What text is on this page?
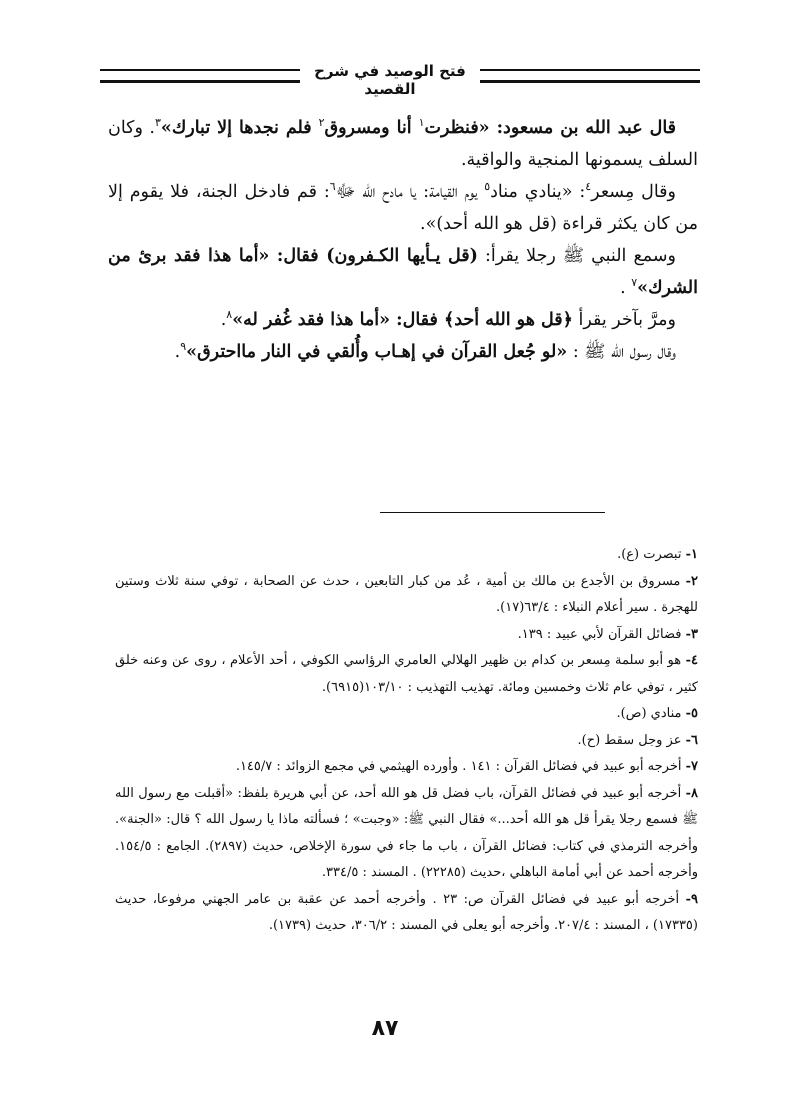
فتح الوصيد في شرح القصيد

قال عبد الله بن مسعود: «فنظرت$^١$ أنا ومسروق$^٢$ فلم نجدها إلا تبارك»$^٣$. وكان السلف يسمونها المنجية والواقية.

وقال مِسعر$^٤$: «ينادي مناد$^٥$ يوم القيامة: يا مادح الله ﷻ$^٦$: قم فادخل الجنة، فلا يقوم إلا من كان يكثر قراءة (قل هو الله أحد)».

وسمع النبي ﷺ رجلا يقرأ: (قل يـأيها الكـفرون) فقال: «أما هذا فقد برئ من الشرك»$^٧$ .

ومرَّ بآخر يقرأ ﴿قل هو الله أحد﴾ فقال: «أما هذا فقد غُفر له»$^٨$.

وقال رسول الله ﷺ : «لو جُعل القرآن في إهـاب وأُلقي في النار مااحترق»$^٩$.

١- تبصرت (ع).
٢- مسروق بن الأجدع بن مالك بن أمية ، عُد من كبار التابعين ، حدث عن الصحابة ، توفي سنة ثلاث وستين للهجرة . سير أعلام النبلاء : ٦٣/٤(١٧).
٣- فضائل القرآن لأبي عبيد : ١٣٩.
٤- هو أبو سلمة مِسعر بن كدام بن ظهير الهلالي العامري الرؤاسي الكوفي ، أحد الأعلام ، روى عن وعنه خلق كثير ، توفي عام ثلاث وخمسين ومائة. تهذيب التهذيب : ١٠٣/١٠(٦٩١٥).
٥- منادي (ص).
٦- عز وجل سقط (ح).
٧- أخرجه أبو عبيد في فضائل القرآن : ١٤١ . وأورده الهيثمي في مجمع الزوائد : ١٤٥/٧.
٨- أخرجه أبو عبيد في فضائل القرآن، باب فضل قل هو الله أحد، عن أبي هريرة بلفظ: «أقبلت مع رسول الله ﷺ فسمع رجلا يقرأ قل هو الله أحد...» فقال النبي ﷺ: «وجبت» ؛ فسألته ماذا يا رسول الله ؟ قال: «الجنة». وأخرجه الترمذي في كتاب: فضائل القرآن ، باب ما جاء في سورة الإخلاص، حديث (٢٨٩٧). الجامع : ١٥٤/٥. وأخرجه أحمد عن أبي أمامة الباهلي ،حديث (٢٢٢٨٥) . المسند : ٣٣٤/٥.
٩- أخرجه أبو عبيد في فضائل القرآن ص: ٢٣ . وأخرجه أحمد عن عقبة بن عامر الجهني مرفوعا، حديث (١٧٣٣٥) ، المسند : ٢٠٧/٤. وأخرجه أبو يعلى في المسند : ٣٠٦/٢، حديث (١٧٣٩).
٨٧
